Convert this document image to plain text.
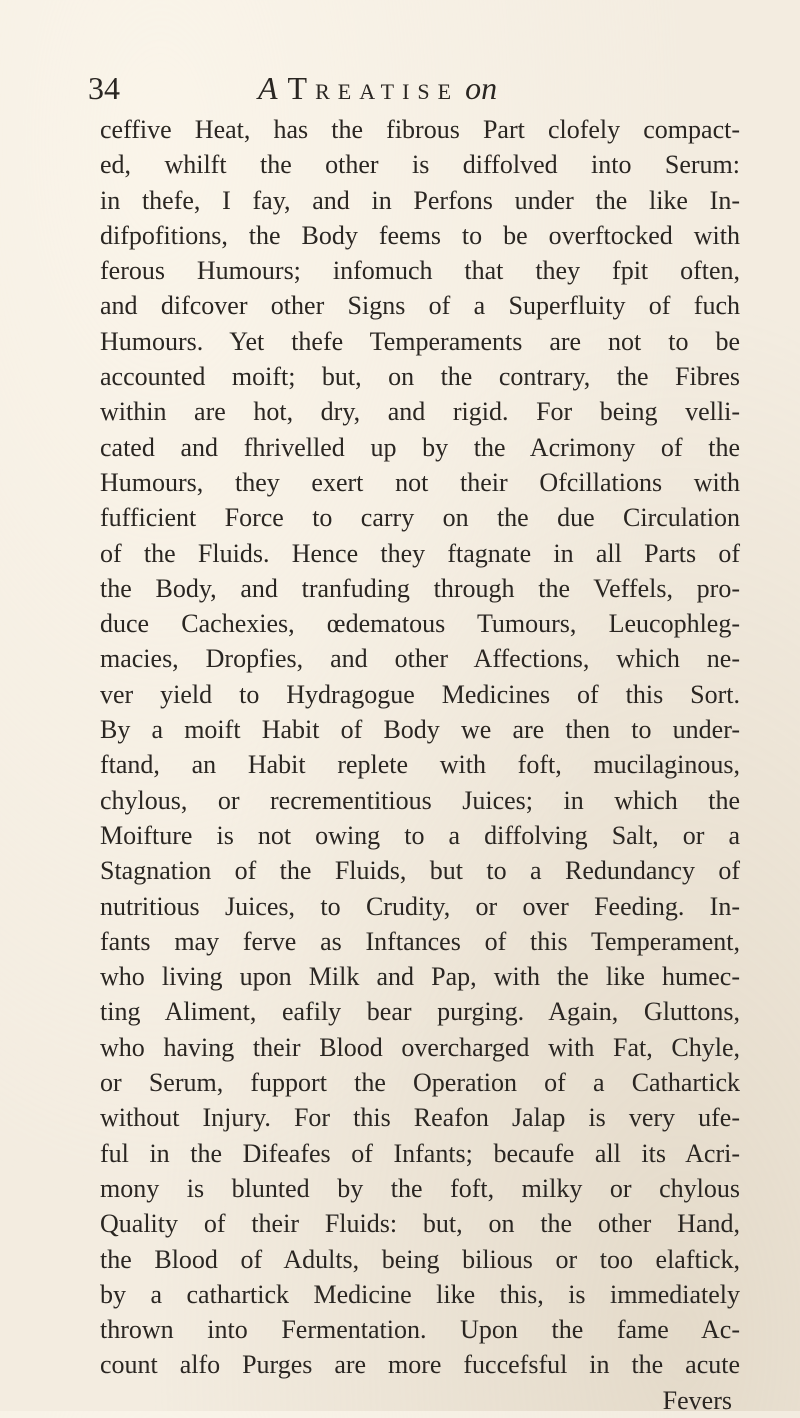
34	A Treatise on
ceffive Heat, has the fibrous Part clofely compact-
ed, whilft the other is diffolved into Serum:
in thefe, I fay, and in Perfons under the like In-
difpofitions, the Body feems to be overftocked with
ferous Humours; infomuch that they fpit often,
and difcover other Signs of a Superfluity of fuch
Humours. Yet thefe Temperaments are not to be
accounted moift; but, on the contrary, the Fibres
within are hot, dry, and rigid. For being velli-
cated and fhrivelled up by the Acrimony of the
Humours, they exert not their Ofcillations with
fufficient Force to carry on the due Circulation
of the Fluids. Hence they ftagnate in all Parts of
the Body, and tranfuding through the Veffels, pro-
duce Cachexies, œdematous Tumours, Leucophleg-
macies, Dropfies, and other Affections, which ne-
ver yield to Hydragogue Medicines of this Sort.
By a moift Habit of Body we are then to under-
ftand, an Habit replete with foft, mucilaginous,
chylous, or recrementitious Juices; in which the
Moifture is not owing to a diffolving Salt, or a
Stagnation of the Fluids, but to a Redundancy of
nutritious Juices, to Crudity, or over Feeding. In-
fants may ferve as Inftances of this Temperament,
who living upon Milk and Pap, with the like humec-
ting Aliment, eafily bear purging. Again, Gluttons,
who having their Blood overcharged with Fat, Chyle,
or Serum, fupport the Operation of a Cathartick
without Injury. For this Reafon Jalap is very ufe-
ful in the Difeafes of Infants; becaufe all its Acri-
mony is blunted by the foft, milky or chylous
Quality of their Fluids: but, on the other Hand,
the Blood of Adults, being bilious or too elaftick,
by a cathartick Medicine like this, is immediately
thrown into Fermentation. Upon the fame Ac-
count alfo Purges are more fuccefsful in the acute
Fevers
